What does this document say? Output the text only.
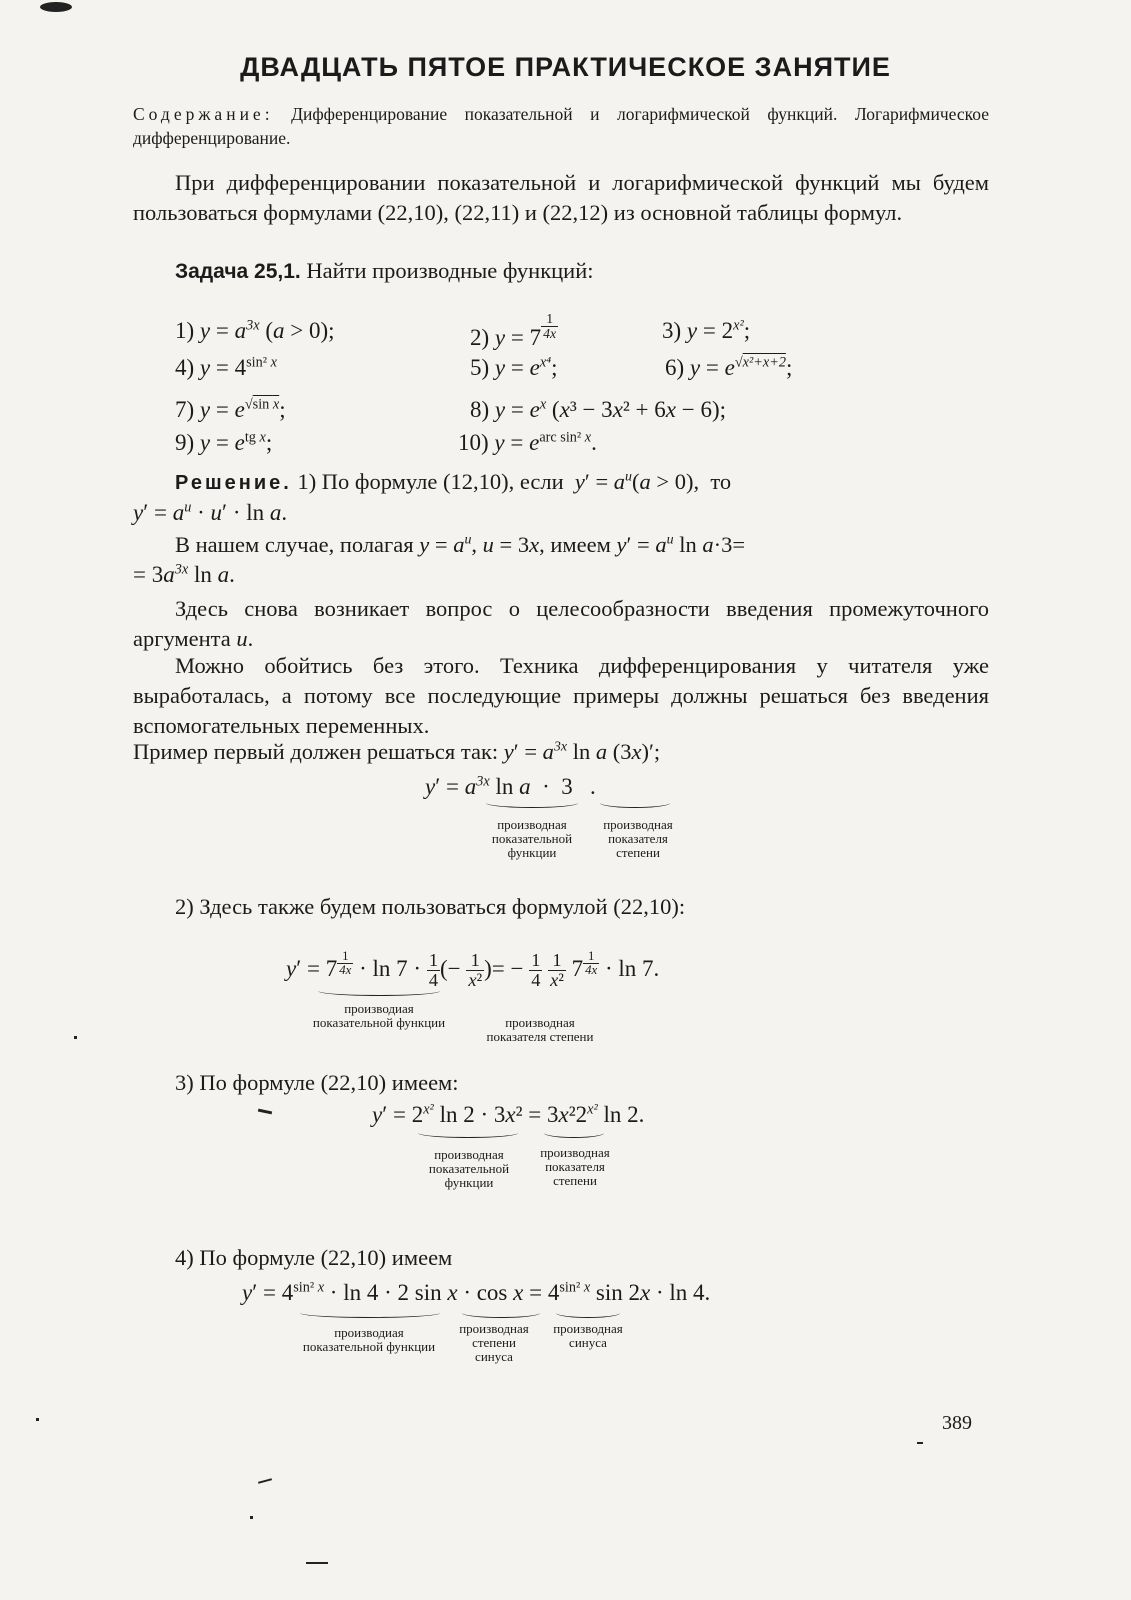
ДВАДЦАТЬ ПЯТОЕ ПРАКТИЧЕСКОЕ ЗАНЯТИЕ
Содержание: Дифференцирование показательной и логарифмической функций. Логарифмическое дифференцирование.
При дифференцировании показательной и логарифмической функций мы будем пользоваться формулами (22,10), (22,11) и (22,12) из основной таблицы формул.
Задача 25,1. Найти производные функций:
1) $y = a^{3x}$ (a > 0);	2) y = 7 $^{\frac{1}{4x}}$	3) $y = 2^{x^2}$;
4) $y = 4^{sin^2 x}$	5) $y = e^{x^4}$;	6) $y = e^{√x^2+x+2}$;
7) $y = e^{√sin x}$;	8) $y = e^x$ (x³ − 3x² + 6x − 6);
9) $y = e^{tg x}$;	10) $y = e^{arc sin^2 x}$.
Решение. 1) По формуле (12,10), если $y' = a^u(a > 0)$,  то
$y' = a^u \cdot u' \cdot \ln a$.
В нашем случае, полагая $y = a^u$, u = 3x, имеем $y' = a^u$ ln a·3=
= $3a^{3x}$ ln a.
Здесь снова возникает вопрос о целесообразности введения промежуточного аргумента u.
Можно обойтись без этого. Техника дифференцирования у читателя уже выработалась, а потому все последующие примеры должны решаться без введения вспомогательных переменных.
Пример первый должен решаться так: $y' = a^{3x}$ ln a (3x)′;
$y' = a^{3x}$ ln a  ·  3   .
производная показательной функции
производная показателя степени
2) Здесь также будем пользоваться формулой (22,10):
y′ = 7 $^{\frac{1}{4x}} \cdot \ln 7 \cdot \frac{1}{4}$ (− $\frac{1}{\text{x²}}$ )= − $\frac{1}{4}$
$\frac{1}{\text{x²}} 7$ $^{\frac{1}{4x}}$ · ln 7.
производиая показательной функции	производная показателя степени
3) По формуле (22,10) имеем:
$y' = 2^{x^2}$ $\ln 2 \cdot 3x^2 = 3x^22^{x^2}$ ln 2.
производная показательной функции
производная показателя степени
4) По формуле (22,10) имеем
$y' = 4^{sin^2 x} \cdot \ln 4 \cdot 2$ $\sin x \cdot \cos x = 4^{sin^2 x}$ sin 2x · ln 4.
производиая показательной функции
производная степени синуса
производная синуса
389
